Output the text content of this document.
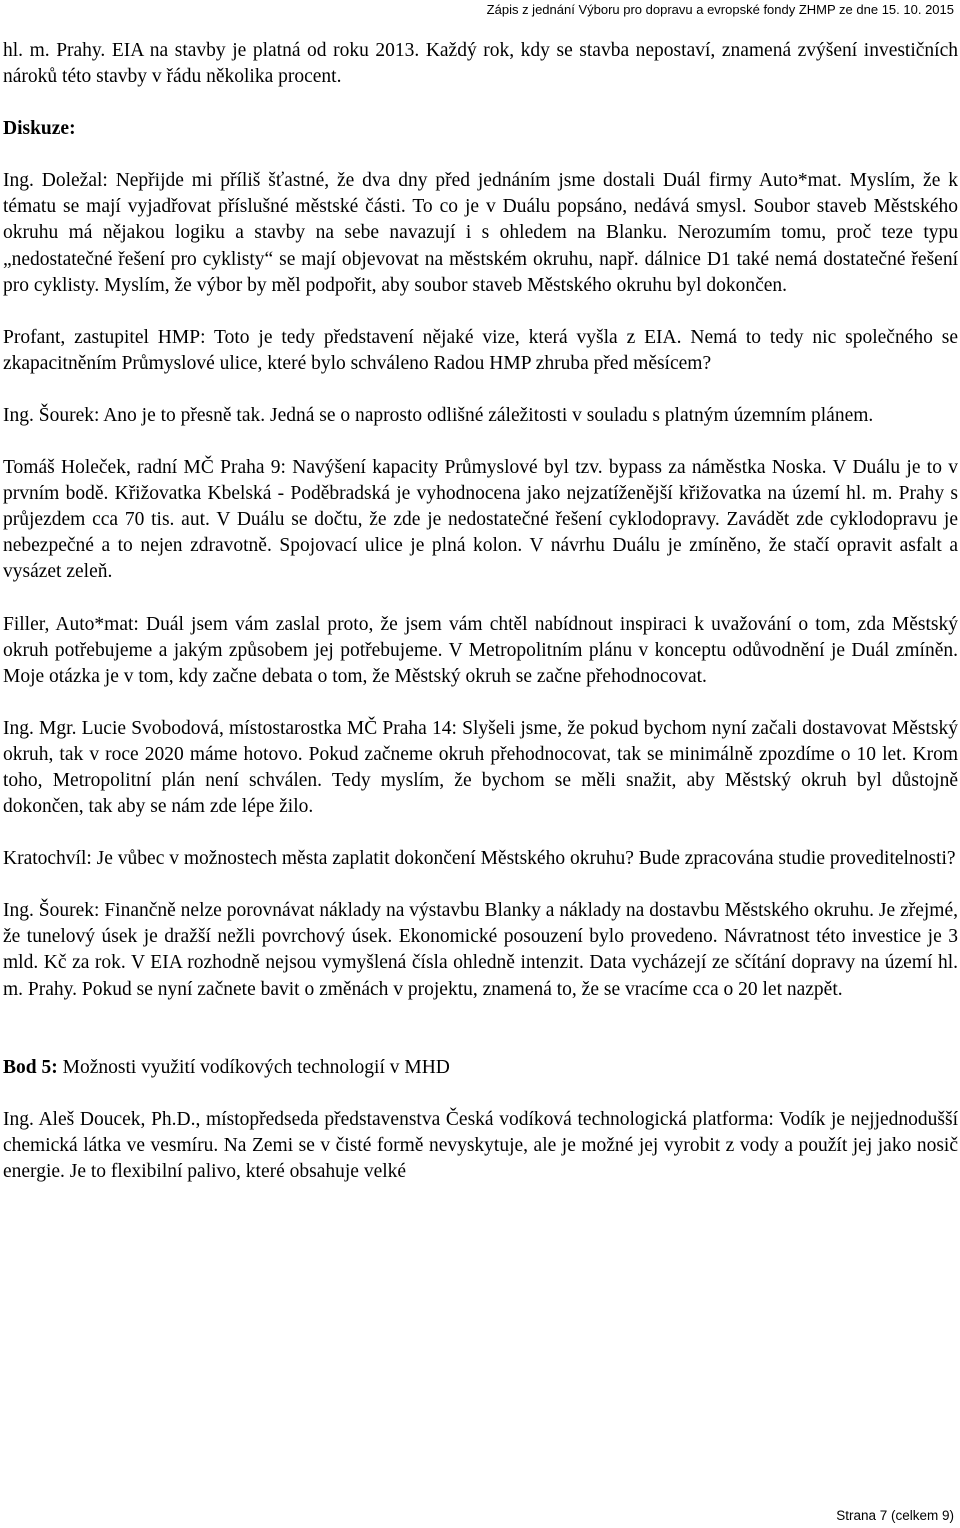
Zápis z jednání Výboru pro dopravu a evropské fondy ZHMP ze dne 15. 10. 2015

hl. m. Prahy. EIA na stavby je platná od roku 2013. Každý rok, kdy se stavba nepostaví, znamená zvýšení investičních nároků této stavby v řádu několika procent.

Diskuze:

Ing. Doležal: Nepřijde mi příliš šťastné, že dva dny před jednáním jsme dostali Duál firmy Auto*mat. Myslím, že k tématu se mají vyjadřovat příslušné městské části. To co je v Duálu popsáno, nedává smysl. Soubor staveb Městského okruhu má nějakou logiku a stavby na sebe navazují i s ohledem na Blanku. Nerozumím tomu, proč teze typu „nedostatečné řešení pro cyklisty“ se mají objevovat na městském okruhu, např. dálnice D1 také nemá dostatečné řešení pro cyklisty. Myslím, že výbor by měl podpořit, aby soubor staveb Městského okruhu byl dokončen.

Profant, zastupitel HMP: Toto je tedy představení nějaké vize, která vyšla z EIA. Nemá to tedy nic společného se zkapacitněním Průmyslové ulice, které bylo schváleno Radou HMP zhruba před měsícem?

Ing. Šourek: Ano je to přesně tak. Jedná se o naprosto odlišné záležitosti v souladu s platným územním plánem.

Tomáš Holeček, radní MČ Praha 9: Navýšení kapacity Průmyslové byl tzv. bypass za náměstka Noska. V Duálu je to v prvním bodě. Křižovatka Kbelská - Poděbradská je vyhodnocena jako nejzatíženější křižovatka na území hl. m. Prahy s průjezdem cca 70 tis. aut. V Duálu se dočtu, že zde je nedostatečné řešení cyklodopravy. Zavádět zde cyklodopravu je nebezpečné a to nejen zdravotně. Spojovací ulice je plná kolon. V návrhu Duálu je zmíněno, že stačí opravit asfalt a vysázet zeleň.

Filler, Auto*mat: Duál jsem vám zaslal proto, že jsem vám chtěl nabídnout inspiraci k uvažování o tom, zda Městský okruh potřebujeme a jakým způsobem jej potřebujeme. V Metropolitním plánu v konceptu odůvodnění je Duál zmíněn. Moje otázka je v tom, kdy začne debata o tom, že Městský okruh se začne přehodnocovat.

Ing. Mgr. Lucie Svobodová, místostarostka MČ Praha 14: Slyšeli jsme, že pokud bychom nyní začali dostavovat Městský okruh, tak v roce 2020 máme hotovo. Pokud začneme okruh přehodnocovat, tak se minimálně zpozdíme o 10 let. Krom toho, Metropolitní plán není schválen. Tedy myslím, že bychom se měli snažit, aby Městský okruh byl důstojně dokončen, tak aby se nám zde lépe žilo.

Kratochvíl: Je vůbec v možnostech města zaplatit dokončení Městského okruhu? Bude zpracována studie proveditelnosti?

Ing. Šourek: Finančně nelze porovnávat náklady na výstavbu Blanky a náklady na dostavbu Městského okruhu. Je zřejmé, že tunelový úsek je dražší nežli povrchový úsek. Ekonomické posouzení bylo provedeno. Návratnost této investice je 3 mld. Kč za rok. V EIA rozhodně nejsou vymyšlená čísla ohledně intenzit. Data vycházejí ze sčítání dopravy na území hl. m. Prahy. Pokud se nyní začnete bavit o změnách v projektu, znamená to, že se vracíme cca o 20 let nazpět.

Bod 5: Možnosti využití vodíkových technologií v MHD

Ing. Aleš Doucek, Ph.D., místopředseda představenstva Česká vodíková technologická platforma: Vodík je nejjednodušší chemická látka ve vesmíru. Na Zemi se v čisté formě nevyskytuje, ale je možné jej vyrobit z vody a použít jej jako nosič energie. Je to flexibilní palivo, které obsahuje velké

Strana 7 (celkem 9)
